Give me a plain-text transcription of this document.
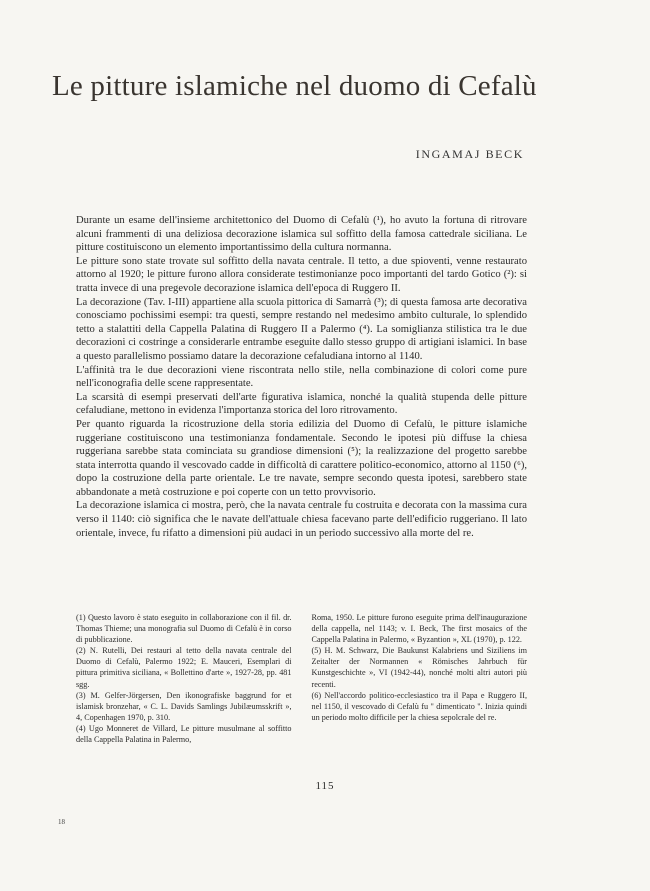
Le pitture islamiche nel duomo di Cefalù
INGAMAJ BECK

Durante un esame dell'insieme architettonico del Duomo di Cefalù (¹), ho avuto la fortuna di ritrovare alcuni frammenti di una deliziosa decorazione islamica sul soffitto della famosa cattedrale siciliana. Le pitture costituiscono un elemento importantissimo della cultura normanna.

Le pitture sono state trovate sul soffitto della navata centrale. Il tetto, a due spioventi, venne restaurato attorno al 1920; le pitture furono allora considerate testimonianze poco importanti del tardo Gotico (²): si tratta invece di una pregevole decorazione islamica dell'epoca di Ruggero II.

La decorazione (Tav. I-III) appartiene alla scuola pittorica di Samarrà (³); di questa famosa arte decorativa conosciamo pochissimi esempi: tra questi, sempre restando nel medesimo ambito culturale, lo splendido tetto a stalattiti della Cappella Palatina di Ruggero II a Palermo (⁴). La somiglianza stilistica tra le due decorazioni ci costringe a considerarle entrambe eseguite dallo stesso gruppo di artigiani islamici. In base a questo parallelismo possiamo datare la decorazione cefaludiana intorno al 1140.

L'affinità tra le due decorazioni viene riscontrata nello stile, nella combinazione di colori come pure nell'iconografia delle scene rappresentate.

La scarsità di esempi preservati dell'arte figurativa islamica, nonché la qualità stupenda delle pitture cefaludiane, mettono in evidenza l'importanza storica del loro ritrovamento.

Per quanto riguarda la ricostruzione della storia edilizia del Duomo di Cefalù, le pitture islamiche ruggeriane costituiscono una testimonianza fondamentale. Secondo le ipotesi più diffuse la chiesa ruggeriana sarebbe stata cominciata su grandiose dimensioni (⁵); la realizzazione del progetto sarebbe stata interrotta quando il vescovado cadde in difficoltà di carattere politico-economico, attorno al 1150 (⁶), dopo la costruzione della parte orientale. Le tre navate, sempre secondo questa ipotesi, sarebbero state abbandonate a metà costruzione e poi coperte con un tetto provvisorio.

La decorazione islamica ci mostra, però, che la navata centrale fu costruita e decorata con la massima cura verso il 1140: ciò significa che le navate dell'attuale chiesa facevano parte dell'edificio ruggeriano. Il lato orientale, invece, fu rifatto a dimensioni più audaci in un periodo successivo alla morte del re.

(1) Questo lavoro è stato eseguito in collaborazione con il fil. dr. Thomas Thieme; una monografia sul Duomo di Cefalù è in corso di pubblicazione.

(2) N. Rutelli, Dei restauri al tetto della navata centrale del Duomo di Cefalù, Palermo 1922; E. Mauceri, Esemplari di pittura primitiva siciliana, « Bollettino d'arte », 1927-28, pp. 481 sgg.

(3) M. Gelfer-Jörgersen, Den ikonografiske baggrund for et islamisk bronzehar, « C. L. Davids Samlings Jubilæumsskrift », 4, Copenhagen 1970, p. 310.

(4) Ugo Monneret de Villard, Le pitture musulmane al soffitto della Cappella Palatina in Palermo,

Roma, 1950. Le pitture furono eseguite prima dell'inaugurazione della cappella, nel 1143; v. I. Beck, The first mosaics of the Cappella Palatina in Palermo, « Byzantion », XL (1970), p. 122.

(5) H. M. Schwarz, Die Baukunst Kalabriens und Siziliens im Zeitalter der Normannen « Römisches Jahrbuch für Kunstgeschichte », VI (1942-44), nonché molti altri autori più recenti.

(6) Nell'accordo politico-ecclesiastico tra il Papa e Ruggero II, nel 1150, il vescovado di Cefalù fu " dimenticato ". Inizia quindi un periodo molto difficile per la chiesa sepolcrale del re.

115
18
